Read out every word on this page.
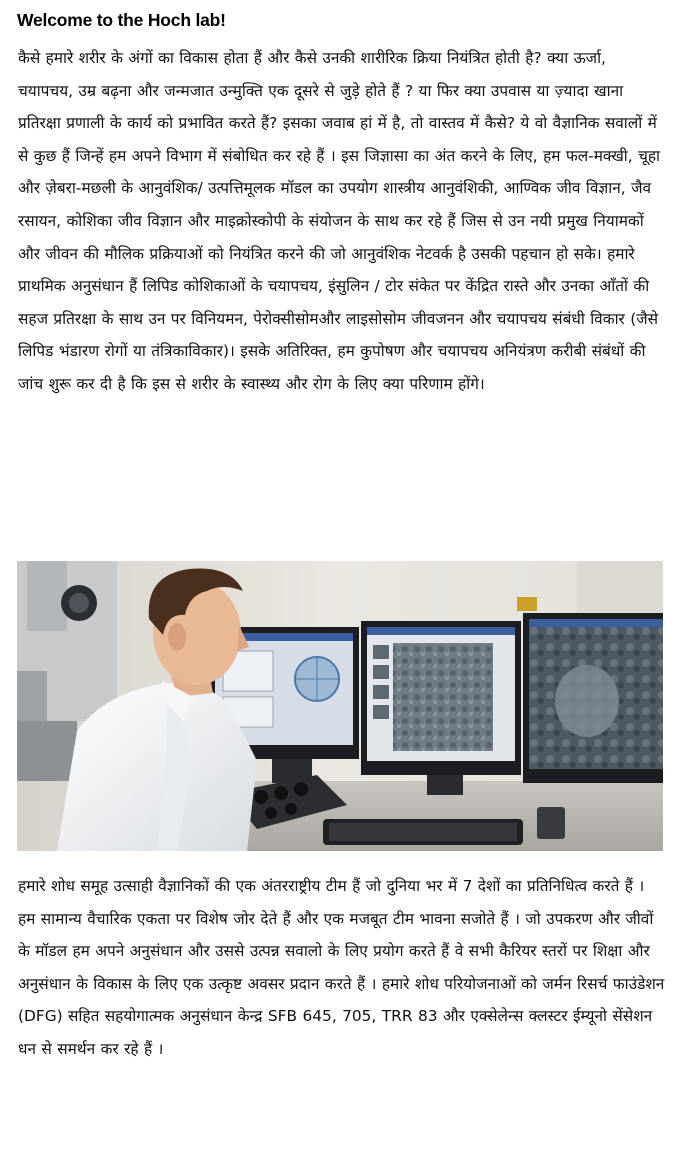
Welcome to the Hoch lab!
कैसे हमारे शरीर के अंगों का विकास होता हैं और कैसे उनकी शारीरिक क्रिया नियंत्रित होती है? क्या ऊर्जा, चयापचय, उम्र बढ़ना और जन्मजात उन्मुक्ति एक दूसरे से जुड़े होते हैं ? या फिर क्या उपवास या ज़्यादा खाना प्रतिरक्षा प्रणाली के कार्य को प्रभावित करते हैं? इसका जवाब हां में है, तो वास्तव में कैसे? ये वो वैज्ञानिक सवालों में से कुछ हैं जिन्हें हम अपने विभाग में संबोधित कर रहे हैं । इस जिज्ञासा का अंत करने के लिए, हम फल-मक्खी, चूहा और ज़ेबरा-मछली के आनुवंशिक/ उत्पत्तिमूलक मॉडल का उपयोग शास्त्रीय आनुवंशिकी, आण्विक जीव विज्ञान, जैव रसायन, कोशिका जीव विज्ञान और माइक्रोस्कोपी के संयोजन के साथ कर रहे हैं जिस से उन नयी प्रमुख नियामकों और जीवन की मौलिक प्रक्रियाओं को नियंत्रित करने की जो आनुवंशिक नेटवर्क है उसकी पहचान हो सके। हमारे प्राथमिक अनुसंधान हैं लिपिड कोशिकाओं के चयापचय, इंसुलिन / टोर संकेत पर केंद्रित रास्ते और उनका आँतों की सहज प्रतिरक्षा के साथ उन पर विनियमन, पेरोक्सीसोमऔर लाइसोसोम जीवजनन और चयापचय संबंधी विकार (जैसे लिपिड भंडारण रोगों या तंत्रिकाविकार)। इसके अतिरिक्त, हम कुपोषण और चयापचय अनियंत्रण करीबी संबंधों की जांच शुरू कर दी है कि इस से शरीर के स्वास्थ्य और रोग के लिए क्या परिणाम होंगे।
हमारे शोध समूह उत्साही वैज्ञानिकों की एक अंतरराष्ट्रीय टीम हैं जो दुनिया भर में 7 देशों का प्रतिनिधित्व करते हैं । हम सामान्य वैचारिक एकता पर विशेष जोर देते हैं और एक मजबूत टीम भावना सजोते हैं । जो उपकरण और जीवों के मॉडल हम अपने अनुसंधान और उससे उत्पन्न सवालो के लिए प्रयोग करते हैं वे सभी कैरियर स्तरों पर शिक्षा और अनुसंधान के विकास के लिए एक उत्कृष्ट अवसर प्रदान करते हैं । हमारे शोध परियोजनाओं को जर्मन रिसर्च फाउंडेशन (DFG) सहित सहयोगात्मक अनुसंधान केन्द्र SFB 645, 705, TRR 83 और एक्सेलेन्स क्लस्टर ईम्यूनो सेंसेशन धन से समर्थन कर रहे हैं ।
